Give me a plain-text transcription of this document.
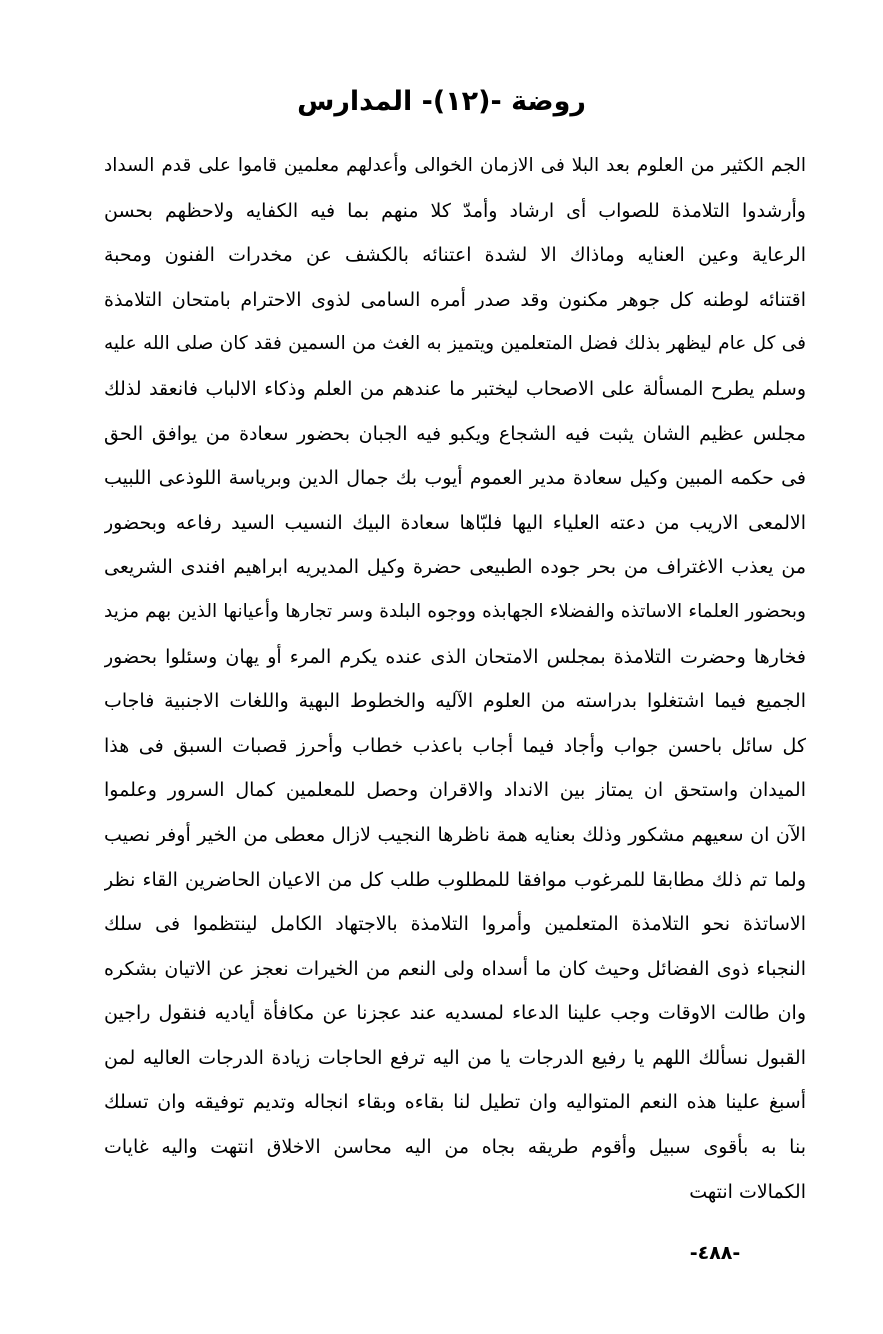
روضة -(١٢)- المدارس
الجم الكثير من العلوم بعد البلا فى الازمان الخوالى وأعدلهم معلمين قاموا على قدم السداد
وأرشدوا التلامذة للصواب أى ارشاد وأمدّ كلا منهم بما فيه الكفايه ولاحظهم بحسن
الرعاية وعين العنايه وماذاك الا لشدة اعتنائه بالكشف عن مخدرات الفنون ومحبة
اقتنائه لوطنه كل جوهر مكنون وقد صدر أمره السامى لذوى الاحترام بامتحان التلامذة
فى كل عام ليظهر بذلك فضل المتعلمين ويتميز به الغث من السمين فقد كان صلى الله عليه
وسلم يطرح المسألة على الاصحاب ليختبر ما عندهم من العلم وذكاء الالباب فانعقد لذلك
مجلس عظيم الشان يثبت فيه الشجاع ويكبو فيه الجبان بحضور سعادة من يوافق الحق
فى حكمه المبين وكيل سعادة مدير العموم أيوب بك جمال الدين وبرياسة اللوذعى اللبيب
الالمعى الاريب من دعته العلياء اليها فلبّاها سعادة البيك النسيب السيد رفاعه وبحضور
من يعذب الاغتراف من بحر جوده الطبيعى حضرة وكيل المديريه ابراهيم افندى الشريعى
وبحضور العلماء الاساتذه والفضلاء الجهابذه ووجوه البلدة وسر تجارها وأعيانها الذين بهم مزيد
فخارها وحضرت التلامذة بمجلس الامتحان الذى عنده يكرم المرء أو يهان وسئلوا بحضور
الجميع فيما اشتغلوا بدراسته من العلوم الآليه والخطوط البهية واللغات الاجنبية فاجاب
كل سائل باحسن جواب وأجاد فيما أجاب باعذب خطاب وأحرز قصبات السبق فى هذا
الميدان واستحق ان يمتاز بين الانداد والاقران وحصل للمعلمين كمال السرور وعلموا
الآن ان سعيهم مشكور وذلك بعنايه همة ناظرها النجيب لازال معطى من الخير أوفر نصيب
ولما تم ذلك مطابقا للمرغوب موافقا للمطلوب طلب كل من الاعيان الحاضرين القاء نظر
الاساتذة نحو التلامذة المتعلمين وأمروا التلامذة بالاجتهاد الكامل لينتظموا فى سلك
النجباء ذوى الفضائل وحيث كان ما أسداه ولى النعم من الخيرات نعجز عن الاتيان بشكره
وان طالت الاوقات وجب علينا الدعاء لمسديه عند عجزنا عن مكافأة أياديه فنقول راجين
القبول نسألك اللهم يا رفيع الدرجات يا من اليه ترفع الحاجات زيادة الدرجات العاليه لمن
أسبغ علينا هذه النعم المتواليه وان تطيل لنا بقاءه وبقاء انجاله وتديم توفيقه وان تسلك
بنا به بأقوى سبيل وأقوم طريقه بجاه من اليه محاسن الاخلاق انتهت واليه غايات
الكمالات انتهت
-٤٨٨-
